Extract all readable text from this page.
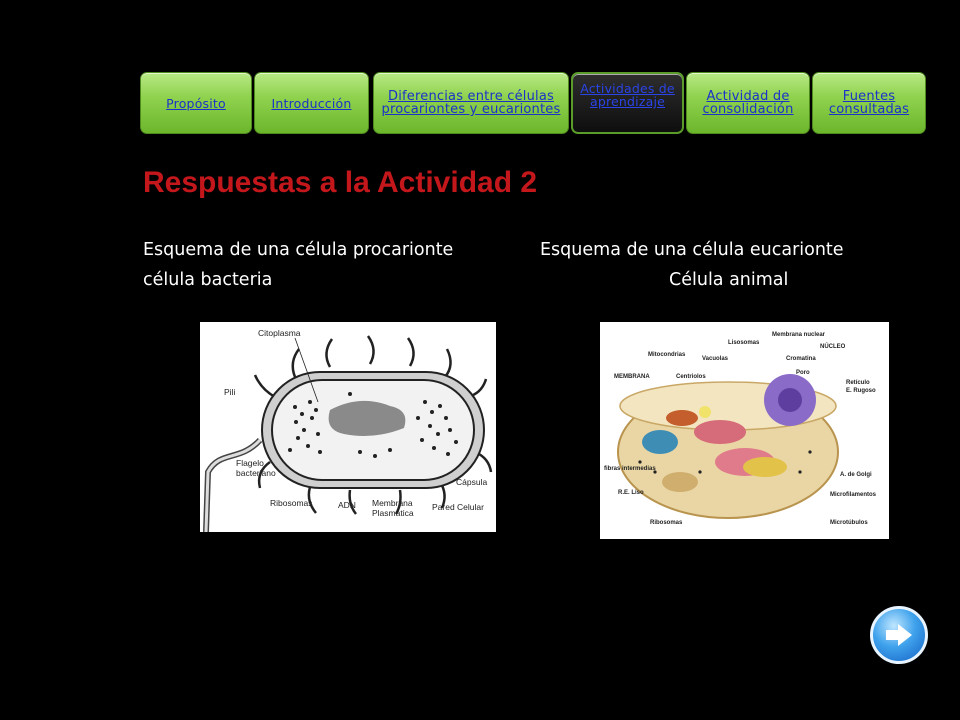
Propósito	Introducción	Diferencias entre células procariontes y eucariontes
Actividades de aprendizaje	Actividad de consolidación
Fuentes consultadas
Respuestas a la Actividad 2
Esquema de una célula procarionte
célula bacteria
Esquema de una célula eucarionte
Célula animal
Citoplasma
Pili
Flagelo
bacteriano
Ribosomas	ADN Membrana
Plasmática
Pared Celular
Cápsula
Membrana nuclear
Lisosomas
NÚCLEO
Mitocondrias
Vacuolas	Cromatina
MEMBRANA	Centriolos
Poro
Retículo
E. Rugoso
fibras intermedias
A. de Golgi
R.E. Liso	Microfilamentos
Ribosomas	Microtúbulos
